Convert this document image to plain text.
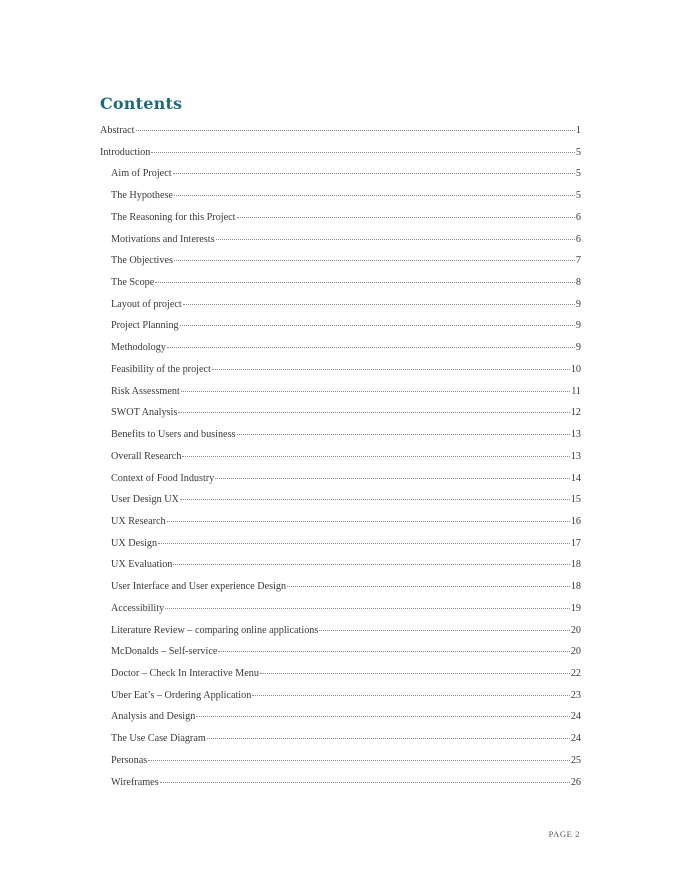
Contents
Abstract	1
Introduction	5
Aim of Project	5
The Hypothese	5
The Reasoning for this Project	6
Motivations and Interests	6
The Objectives	7
The Scope	8
Layout of project	9
Project Planning	9
Methodology	9
Feasibility of the project	10
Risk Assessment	11
SWOT Analysis	12
Benefits to Users and business	13
Overall Research	13
Context of Food Industry	14
User Design UX	15
UX Research	16
UX Design	17
UX Evaluation	18
User Interface and User experience Design	18
Accessibility	19
Literature Review – comparing online applications	20
McDonalds – Self-service	20
Doctor – Check In Interactive Menu	22
Uber Eat’s – Ordering Application	23
Analysis and Design	24
The Use Case Diagram	24
Personas	25
Wireframes	26
PAGE 2
